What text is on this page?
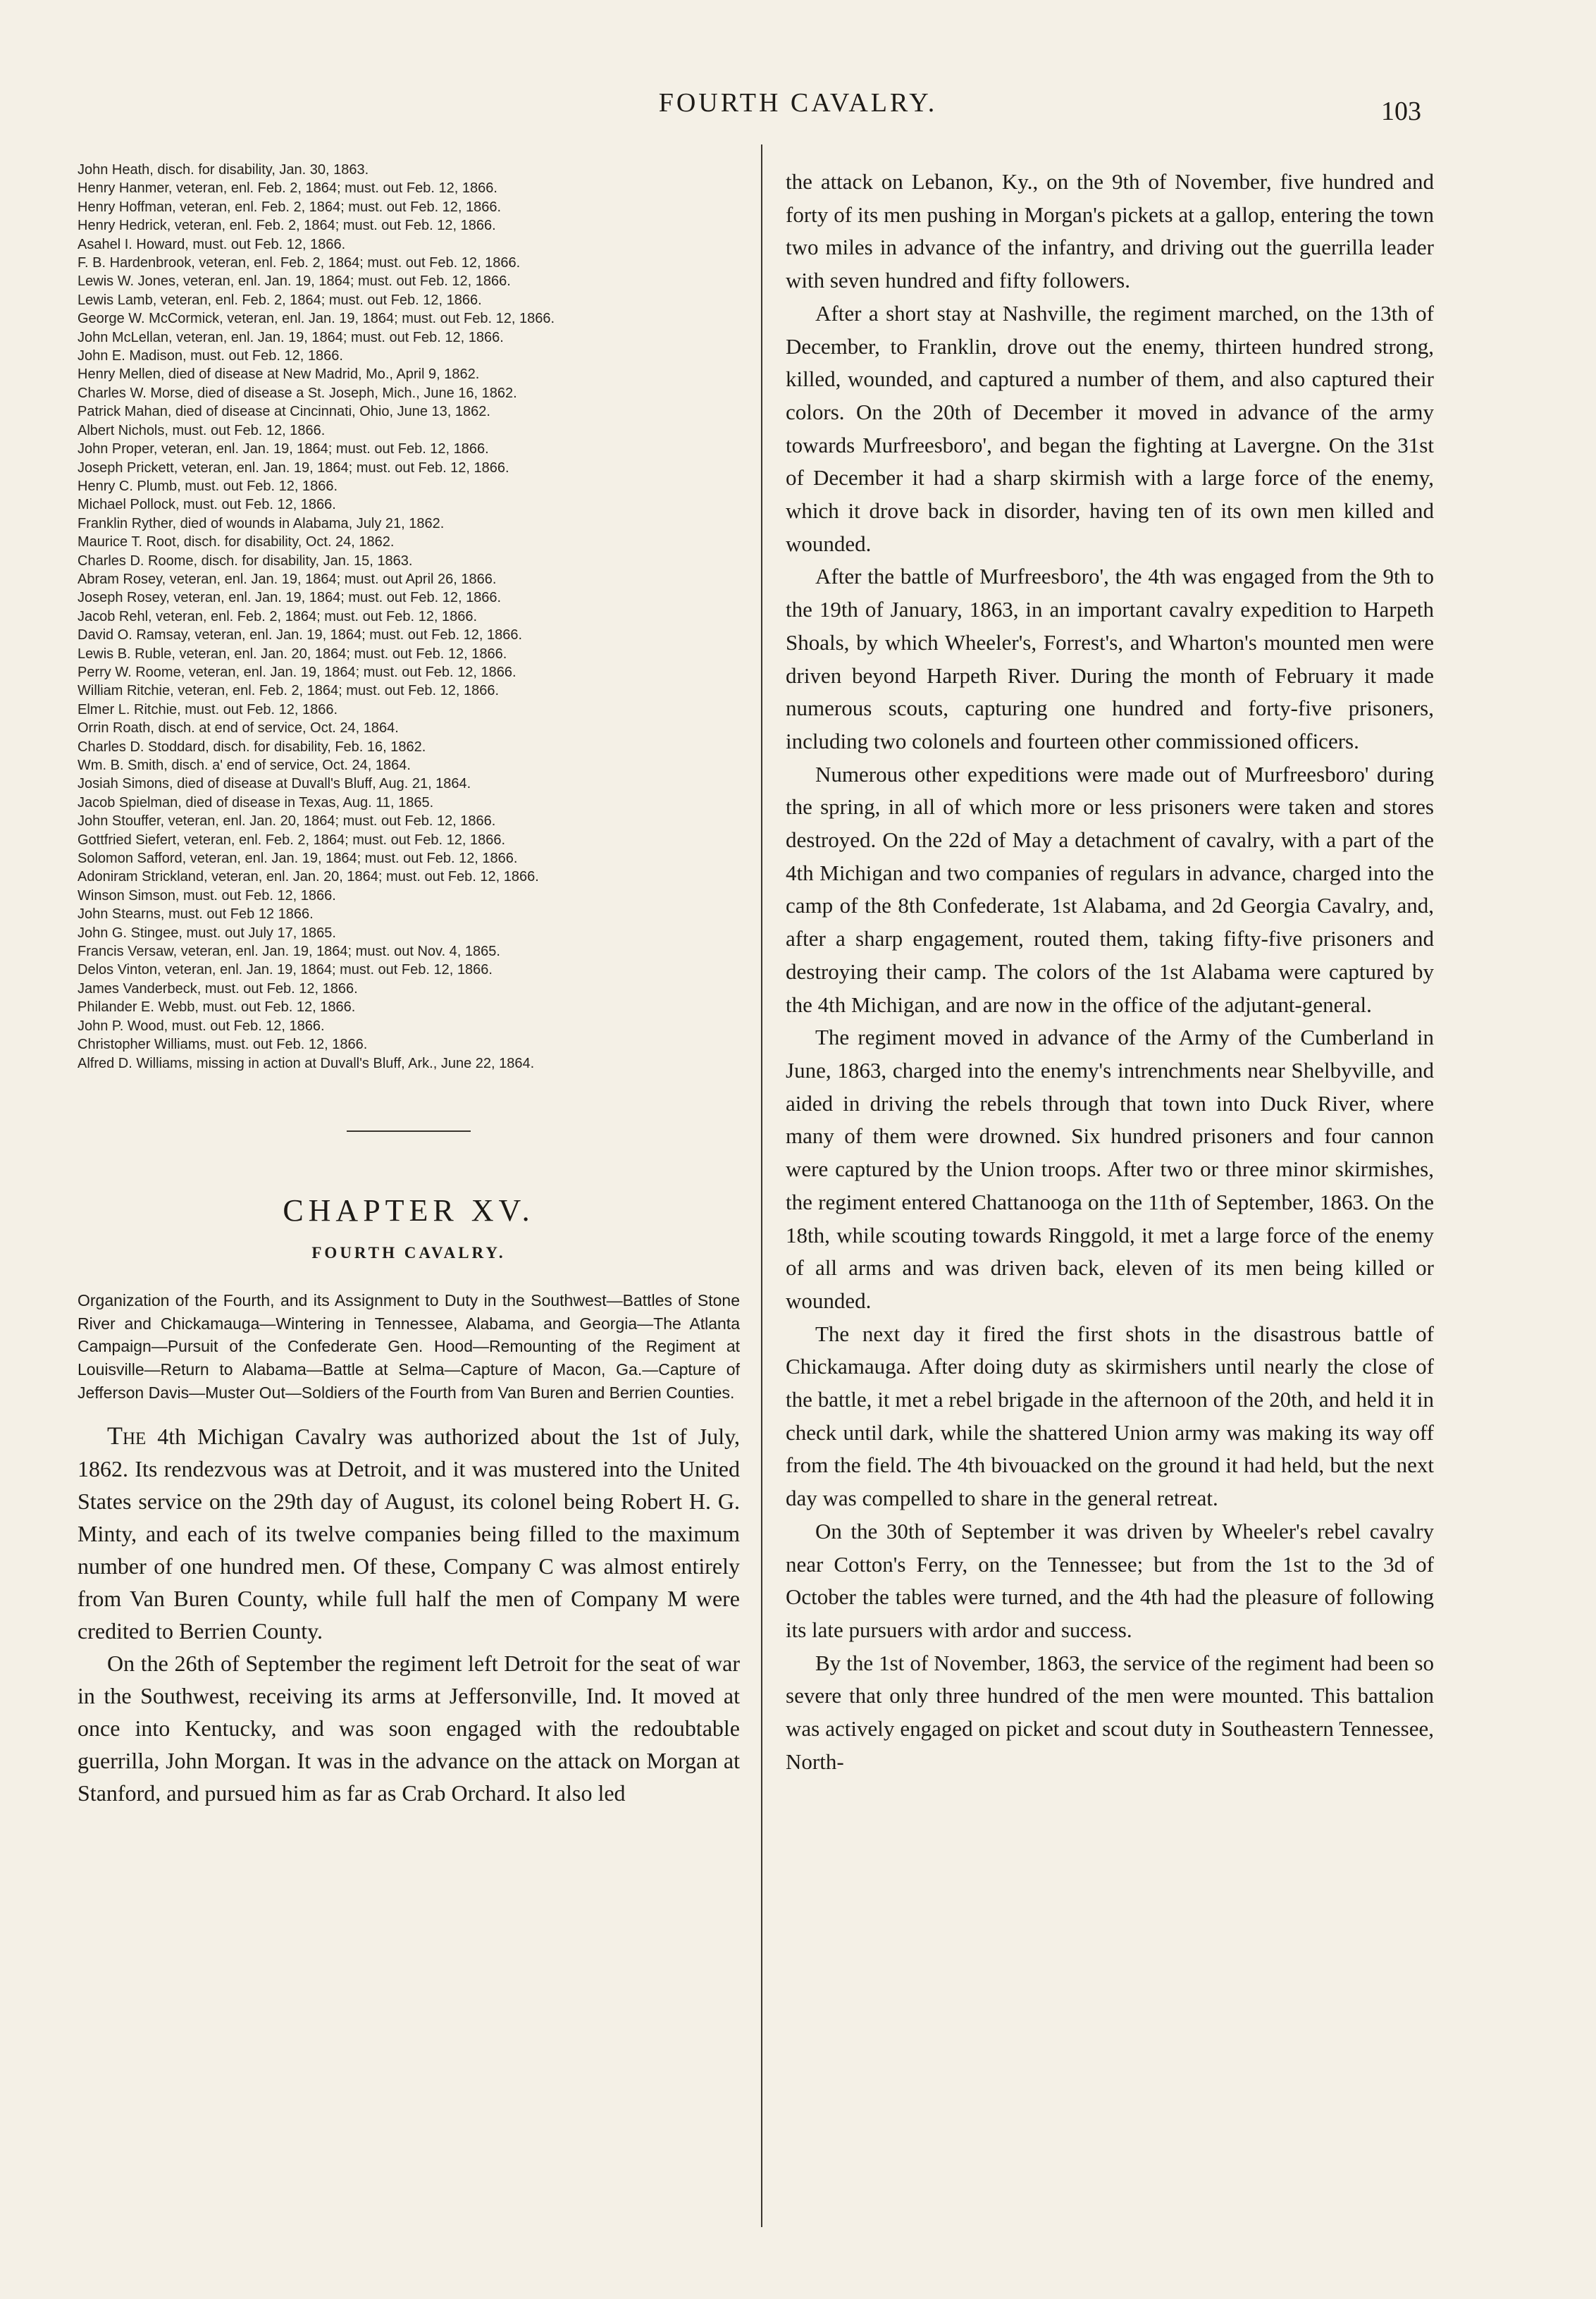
FOURTH CAVALRY.	103
John Heath, disch. for disability, Jan. 30, 1863.
Henry Hanmer, veteran, enl. Feb. 2, 1864; must. out Feb. 12, 1866.
Henry Hoffman, veteran, enl. Feb. 2, 1864; must. out Feb. 12, 1866.
Henry Hedrick, veteran, enl. Feb. 2, 1864; must. out Feb. 12, 1866.
Asahel I. Howard, must. out Feb. 12, 1866.
F. B. Hardenbrook, veteran, enl. Feb. 2, 1864; must. out Feb. 12, 1866.
Lewis W. Jones, veteran, enl. Jan. 19, 1864; must. out Feb. 12, 1866.
Lewis Lamb, veteran, enl. Feb. 2, 1864; must. out Feb. 12, 1866.
George W. McCormick, veteran, enl. Jan. 19, 1864; must. out Feb. 12, 1866.
John McLellan, veteran, enl. Jan. 19, 1864; must. out Feb. 12, 1866.
John E. Madison, must. out Feb. 12, 1866.
Henry Mellen, died of disease at New Madrid, Mo., April 9, 1862.
Charles W. Morse, died of disease a St. Joseph, Mich., June 16, 1862.
Patrick Mahan, died of disease at Cincinnati, Ohio, June 13, 1862.
Albert Nichols, must. out Feb. 12, 1866.
John Proper, veteran, enl. Jan. 19, 1864; must. out Feb. 12, 1866.
Joseph Prickett, veteran, enl. Jan. 19, 1864; must. out Feb. 12, 1866.
Henry C. Plumb, must. out Feb. 12, 1866.
Michael Pollock, must. out Feb. 12, 1866.
Franklin Ryther, died of wounds in Alabama, July 21, 1862.
Maurice T. Root, disch. for disability, Oct. 24, 1862.
Charles D. Roome, disch. for disability, Jan. 15, 1863.
Abram Rosey, veteran, enl. Jan. 19, 1864; must. out April 26, 1866.
Joseph Rosey, veteran, enl. Jan. 19, 1864; must. out Feb. 12, 1866.
Jacob Rehl, veteran, enl. Feb. 2, 1864; must. out Feb. 12, 1866.
David O. Ramsay, veteran, enl. Jan. 19, 1864; must. out Feb. 12, 1866.
Lewis B. Ruble, veteran, enl. Jan. 20, 1864; must. out Feb. 12, 1866.
Perry W. Roome, veteran, enl. Jan. 19, 1864; must. out Feb. 12, 1866.
William Ritchie, veteran, enl. Feb. 2, 1864; must. out Feb. 12, 1866.
Elmer L. Ritchie, must. out Feb. 12, 1866.
Orrin Roath, disch. at end of service, Oct. 24, 1864.
Charles D. Stoddard, disch. for disability, Feb. 16, 1862.
Wm. B. Smith, disch. a' end of service, Oct. 24, 1864.
Josiah Simons, died of disease at Duvall's Bluff, Aug. 21, 1864.
Jacob Spielman, died of disease in Texas, Aug. 11, 1865.
John Stouffer, veteran, enl. Jan. 20, 1864; must. out Feb. 12, 1866.
Gottfried Siefert, veteran, enl. Feb. 2, 1864; must. out Feb. 12, 1866.
Solomon Safford, veteran, enl. Jan. 19, 1864; must. out Feb. 12, 1866.
Adoniram Strickland, veteran, enl. Jan. 20, 1864; must. out Feb. 12, 1866.
Winson Simson, must. out Feb. 12, 1866.
John Stearns, must. out Feb 12 1866.
John G. Stingee, must. out July 17, 1865.
Francis Versaw, veteran, enl. Jan. 19, 1864; must. out Nov. 4, 1865.
Delos Vinton, veteran, enl. Jan. 19, 1864; must. out Feb. 12, 1866.
James Vanderbeck, must. out Feb. 12, 1866.
Philander E. Webb, must. out Feb. 12, 1866.
John P. Wood, must. out Feb. 12, 1866.
Christopher Williams, must. out Feb. 12, 1866.
Alfred D. Williams, missing in action at Duvall's Bluff, Ark., June 22, 1864.
CHAPTER XV.
FOURTH CAVALRY.
Organization of the Fourth, and its Assignment to Duty in the Southwest—Battles of Stone River and Chickamauga—Wintering in Tennessee, Alabama, and Georgia—The Atlanta Campaign—Pursuit of the Confederate Gen. Hood—Remounting of the Regiment at Louisville—Return to Alabama—Battle at Selma—Capture of Macon, Ga.—Capture of Jefferson Davis—Muster Out—Soldiers of the Fourth from Van Buren and Berrien Counties.

The 4th Michigan Cavalry was authorized about the 1st of July, 1862. Its rendezvous was at Detroit, and it was mustered into the United States service on the 29th day of August, its colonel being Robert H. G. Minty, and each of its twelve companies being filled to the maximum number of one hundred men. Of these, Company C was almost entirely from Van Buren County, while full half the men of Company M were credited to Berrien County.

On the 26th of September the regiment left Detroit for the seat of war in the Southwest, receiving its arms at Jeffersonville, Ind. It moved at once into Kentucky, and was soon engaged with the redoubtable guerrilla, John Morgan. It was in the advance on the attack on Morgan at Stanford, and pursued him as far as Crab Orchard. It also led

the attack on Lebanon, Ky., on the 9th of November, five hundred and forty of its men pushing in Morgan's pickets at a gallop, entering the town two miles in advance of the infantry, and driving out the guerrilla leader with seven hundred and fifty followers.

After a short stay at Nashville, the regiment marched, on the 13th of December, to Franklin, drove out the enemy, thirteen hundred strong, killed, wounded, and captured a number of them, and also captured their colors. On the 20th of December it moved in advance of the army towards Murfreesboro', and began the fighting at Lavergne. On the 31st of December it had a sharp skirmish with a large force of the enemy, which it drove back in disorder, having ten of its own men killed and wounded.

After the battle of Murfreesboro', the 4th was engaged from the 9th to the 19th of January, 1863, in an important cavalry expedition to Harpeth Shoals, by which Wheeler's, Forrest's, and Wharton's mounted men were driven beyond Harpeth River. During the month of February it made numerous scouts, capturing one hundred and forty-five prisoners, including two colonels and fourteen other commissioned officers.

Numerous other expeditions were made out of Murfreesboro' during the spring, in all of which more or less prisoners were taken and stores destroyed. On the 22d of May a detachment of cavalry, with a part of the 4th Michigan and two companies of regulars in advance, charged into the camp of the 8th Confederate, 1st Alabama, and 2d Georgia Cavalry, and, after a sharp engagement, routed them, taking fifty-five prisoners and destroying their camp. The colors of the 1st Alabama were captured by the 4th Michigan, and are now in the office of the adjutant-general.

The regiment moved in advance of the Army of the Cumberland in June, 1863, charged into the enemy's intrenchments near Shelbyville, and aided in driving the rebels through that town into Duck River, where many of them were drowned. Six hundred prisoners and four cannon were captured by the Union troops. After two or three minor skirmishes, the regiment entered Chattanooga on the 11th of September, 1863. On the 18th, while scouting towards Ringgold, it met a large force of the enemy of all arms and was driven back, eleven of its men being killed or wounded.

The next day it fired the first shots in the disastrous battle of Chickamauga. After doing duty as skirmishers until nearly the close of the battle, it met a rebel brigade in the afternoon of the 20th, and held it in check until dark, while the shattered Union army was making its way off from the field. The 4th bivouacked on the ground it had held, but the next day was compelled to share in the general retreat.

On the 30th of September it was driven by Wheeler's rebel cavalry near Cotton's Ferry, on the Tennessee; but from the 1st to the 3d of October the tables were turned, and the 4th had the pleasure of following its late pursuers with ardor and success.

By the 1st of November, 1863, the service of the regiment had been so severe that only three hundred of the men were mounted. This battalion was actively engaged on picket and scout duty in Southeastern Tennessee, North-
